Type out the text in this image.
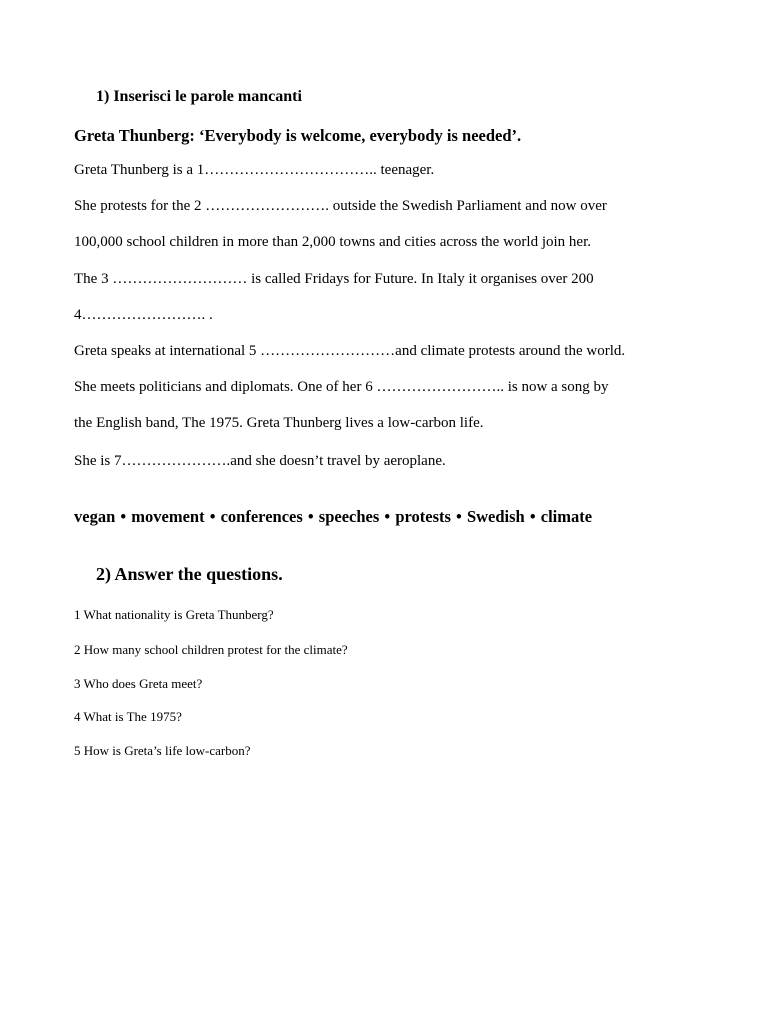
1) Inserisci le parole mancanti

Greta Thunberg: ‘Everybody is welcome, everybody is needed’.

Greta Thunberg is a 1…………………………….. teenager.

She protests for the 2 ……………………. outside the Swedish Parliament and now over

100,000 school children in more than 2,000 towns and cities across the world join her.

The 3 ……………………… is called Fridays for Future. In Italy it organises over 200

4……………………. .

Greta speaks at international 5 ………………………and climate protests around the world.

She meets politicians and diplomats. One of her 6 …………………….. is now a song by

the English band, The 1975. Greta Thunberg lives a low-carbon life.

She is 7………………….and she doesn’t travel by aeroplane.

vegan • movement • conferences • speeches • protests • Swedish • climate

2) Answer the questions.

1 What nationality is Greta Thunberg?

2 How many school children protest for the climate?

3 Who does Greta meet?

4 What is The 1975?

5 How is Greta’s life low-carbon?
